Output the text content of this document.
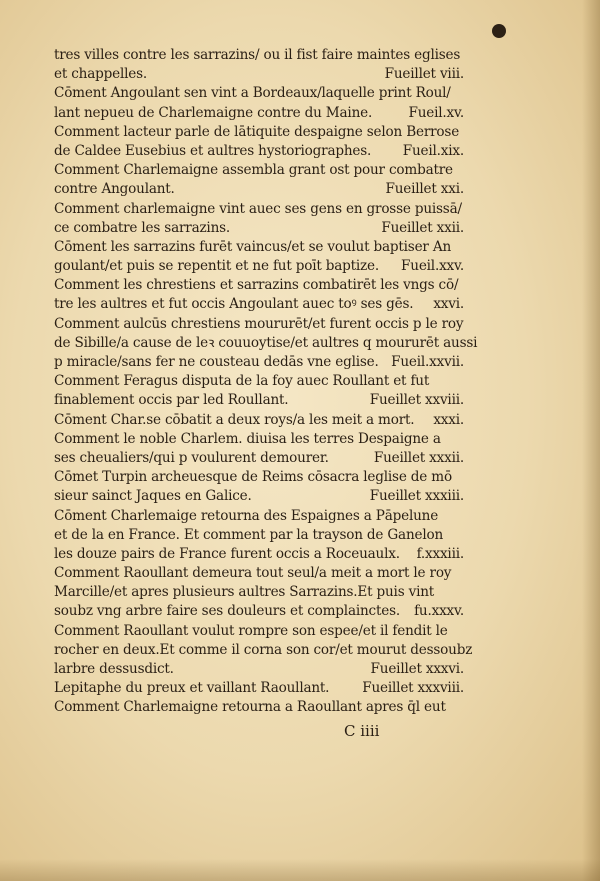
tres villes contre les sarrazins/ ou il fist faire maintes eglises
et chappelles.	Fueillet viii.
Cōment Angoulant sen vint a Bordeaux/laquelle print Roul/
lant nepueu de Charlemaigne contre du Maine.	Fueil.xv.
Comment lacteur parle de lātiquite despaigne selon Berrose
de Caldee Eusebius et aultres hystoriographes. Fueil.xix.
Comment Charlemaigne assembla grant ost pour combatre
contre Angoulant.	Fueillet xxi.
Comment charlemaigne vint auec ses gens en grosse puissā/
ce combatre les sarrazins.	Fueillet xxii.
Cōment les sarrazins furēt vaincus/et se voulut baptiser An
goulant/et puis se repentit et ne fut poīt baptize. Fueil.xxv.
Comment les chrestiens et sarrazins combatirēt les vngs cō/
tre les aultres et fut occis Angoulant auec toꝰ ses gēs. xxvi.
Comment aulcūs chrestiens moururēt/et furent occis p le roy
de Sibille/a cause de leꝛ couuoytise/et aultres q moururēt aussi
p miracle/sans fer ne cousteau dedās vne eglise. Fueil.xxvii.
Comment Feragus disputa de la foy auec Roullant et fut
finablement occis par led Roullant.	Fueillet xxviii.
Cōment Char.se cōbatit a deux roys/a les meit a mort. xxxi.
Comment le noble Charlem. diuisa les terres Despaigne a
ses cheualiers/qui p voulurent demourer.	Fueillet xxxii.
Cōmet Turpin archeuesque de Reims cōsacra leglise de mō
sieur sainct Jaques en Galice.	Fueillet xxxiii.
Cōment Charlemaige retourna des Espaignes a Pāpelune
et de la en France. Et comment par la trayson de Ganelon
les douze pairs de France furent occis a Roceuaulx. f.xxxiii.
Comment Raoullant demeura tout seul/a meit a mort le roy
Marcille/et apres plusieurs aultres Sarrazins.Et puis vint
soubz vng arbre faire ses douleurs et complainctes. fu.xxxv.
Comment Raoullant voulut rompre son espee/et il fendit le
rocher en deux.Et comme il corna son cor/et mourut dessoubz
larbre dessusdict.	Fueillet xxxvi.
Lepitaphe du preux et vaillant Raoullant. Fueillet xxxviii.
Comment Charlemaigne retourna a Raoullant apres q̄l eut
C iiii
